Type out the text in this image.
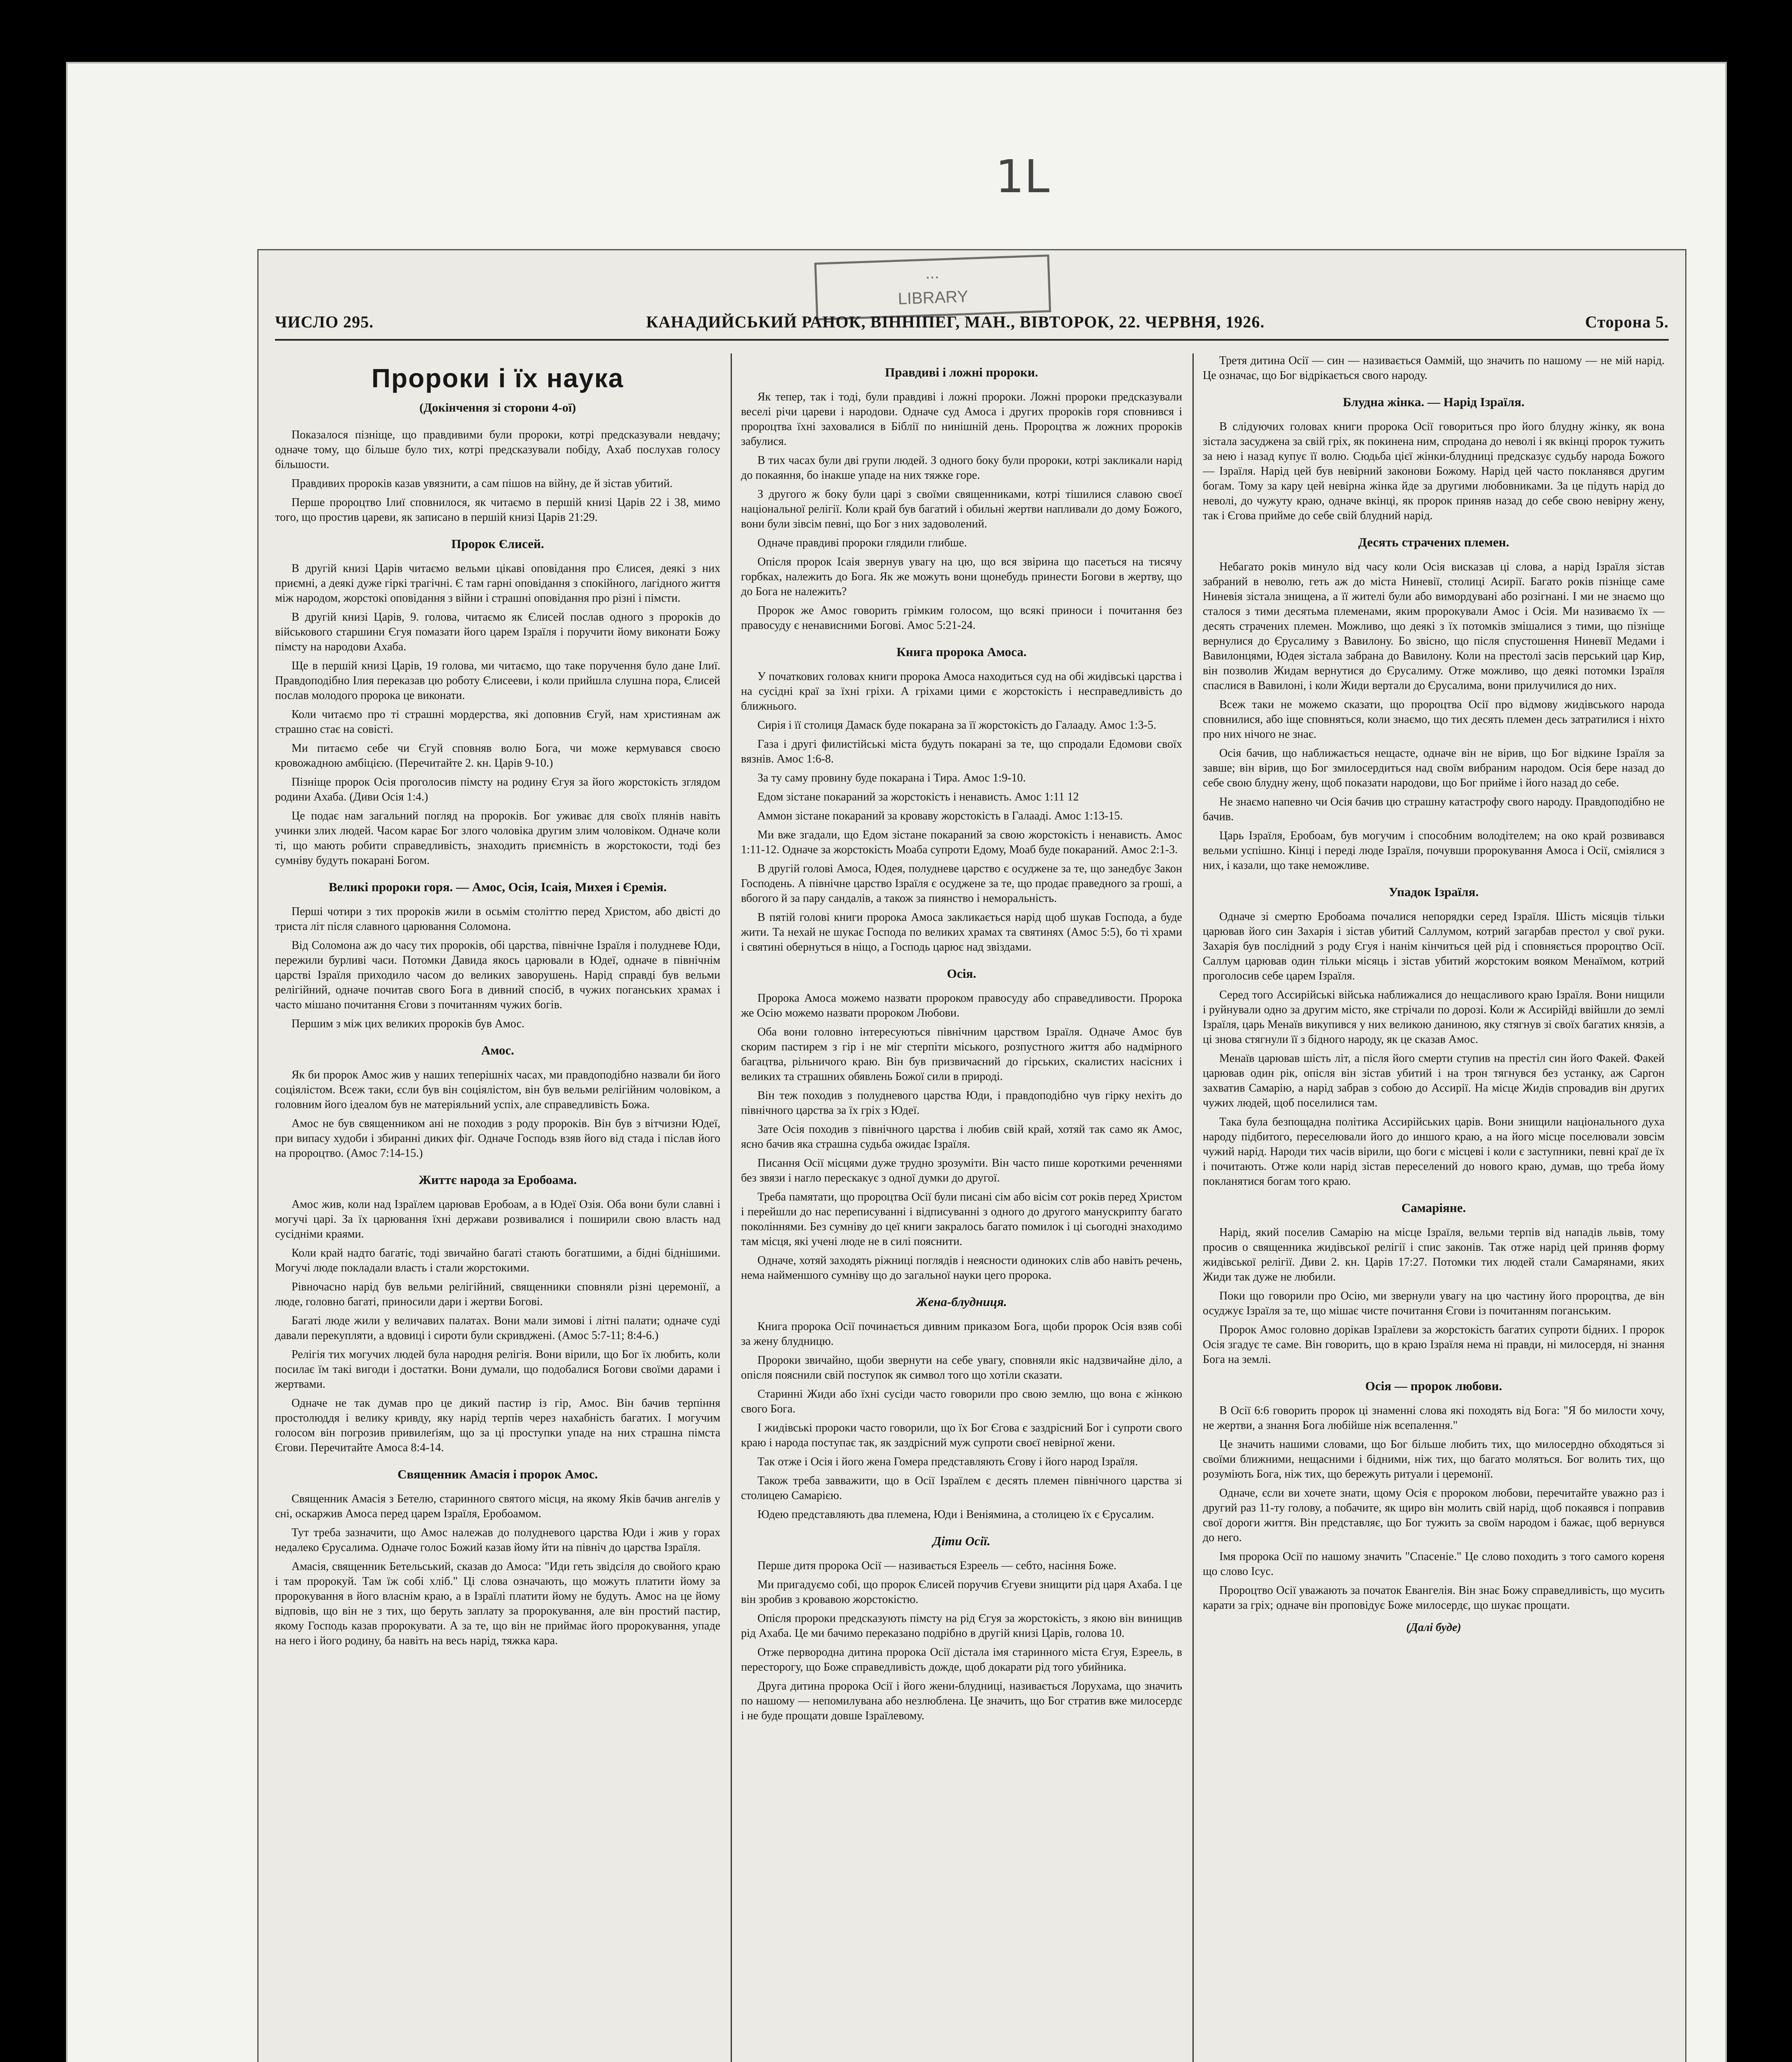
1L
...
LIBRARY
ЧИСЛО 295.	КАНАДИЙСЬКИЙ РАНОК, ВІННІПЕГ, МАН., ВІВТОРОК, 22. ЧЕРВНЯ, 1926.	Сторона 5.
Пророки і їх наука
(Докінчення зі сторони 4-ої)

Показалося пізніще, що правдивими були пророки, котрі предсказували невдачу; одначе тому, що більше було тих, котрі предсказували побіду, Ахаб послухав голосу більшости.

Правдивих пророків казав увязнити, а сам пішов на війну, де й зістав убитий.

Перше пророцтво Ілиї сповнилося, як читаємо в першій книзі Царів 22 і 38, мимо того, що простив цареви, як записано в першій книзі Царів 21:29.

Пророк Єлисей.

В другій книзі Царів читаємо вельми цікаві оповідання про Єлисея, деякі з них приємні, а деякі дуже гіркі трагічні. Є там гарні оповідання з спокійного, лагідного життя між народом, жорстокі оповідання з війни і страшні оповідання про різні і пімсти.

В другій книзі Царів, 9. голова, читаємо як Єлисей послав одного з пророків до військового старшини Єгуя помазати його царем Ізраїля і поручити йому виконати Божу пімсту на народови Ахаба.

Ще в першій книзі Царів, 19 голова, ми читаємо, що таке поручення було дане Ілиї. Правдоподібно Ілия переказав цю роботу Єлисееви, і коли прийшла слушна пора, Єлисей послав молодого пророка це виконати.

Коли читаємо про ті страшні мордерства, які доповнив Єгуй, нам християнам аж страшно стає на совісті.

Ми питаємо себе чи Єгуй сповняв волю Бога, чи може кермувався своєю кровожадною амбіцією. (Перечитайте 2. кн. Царів 9-10.)

Пізніще пророк Осія проголосив пімсту на родину Єгуя за його жорстокість зглядом родини Ахаба. (Диви Осія 1:4.)

Це подає нам загальний погляд на пророків. Бог уживає для своїх плянів навіть учинки злих людей. Часом карає Бог злого чоловіка другим злим чоловіком. Одначе коли ті, що мають робити справедливість, знаходить приємність в жорстокости, тоді без сумніву будуть покарані Богом.

Великі пророки горя. — Амос, Осія, Ісаія, Михея і Єремія.

Перші чотири з тих пророків жили в осьмім століттю перед Христом, або двісті до триста літ після славного царювання Соломона.

Від Соломона аж до часу тих пророків, обі царства, північне Ізраїля і полудневе Юди, пережили бурливі часи. Потомки Давида якось царювали в Юдеї, одначе в північнім царстві Ізраїля приходило часом до великих заворушень. Нарід справді був вельми релігійний, одначе почитав свого Бога в дивний спосіб, в чужих поганських храмах і часто мішано почитання Єгови з почитанням чужих богів.

Першим з між цих великих пророків був Амос.

Амос.

Як би пророк Амос жив у наших теперішніх часах, ми правдоподібно назвали би його соціялістом. Всеж таки, єсли був він соціялістом, він був вельми релігійним чоловіком, а головним його ідеалом був не матеріяльний успіх, але справедливість Божа.

Амос не був священником ані не походив з роду пророків. Він був з вітчизни Юдеї, при випасу худоби і збиранні диких фіґ. Одначе Господь взяв його від стада і післав його на пророцтво. (Амос 7:14-15.)

Життє народа за Еробоама.

Амос жив, коли над Ізраїлем царював Еробоам, а в Юдеї Озія. Оба вони були славні і могучі царі. За їх царювання їхні держави розвивалися і поширили свою власть над сусідніми краями.

Коли край надто багатіє, тоді звичайно багаті стають богатшими, а бідні біднішими. Могучі люде покладали власть і стали жорстокими.

Рівночасно нарід був вельми релігійний, священники сповняли різні церемонії, а люде, головно багаті, приносили дари і жертви Богові.

Багаті люде жили у величавих палатах. Вони мали зимові і літні палати; одначе суді давали перекупляти, а вдовиці і сироти були скривджені. (Амос 5:7-11; 8:4-6.)

Релігія тих могучих людей була народня релігія. Вони вірили, що Бог їх любить, коли посилає їм такі вигоди і достатки. Вони думали, що подобалися Богови своїми дарами і жертвами.

Одначе не так думав про це дикий пастир із гір, Амос. Він бачив терпіння простолюддя і велику кривду, яку нарід терпів через нахабність багатих. І могучим голосом він погрозив привилеґіям, що за ці проступки упаде на них страшна пімста Єгови. Перечитайте Амоса 8:4-14.

Священник Амасія і пророк Амос.

Священник Амасія з Бетелю, старинного святого місця, на якому Яків бачив ангелів у сні, оскаржив Амоса перед царем Ізраїля, Еробоамом.

Тут треба зазначити, що Амос належав до полудневого царства Юди і жив у горах недалеко Єрусалима. Одначе голос Божий казав йому йти на північ до царства Ізраїля.

Амасія, священник Бетельський, сказав до Амоса: "Иди геть звідсіля до свойого краю і там пророкуй. Там їж собі хліб." Ці слова означають, що можуть платити йому за пророкування в його власнім краю, а в Ізраїлі платити йому не будуть. Амос на це йому відповів, що він не з тих, що беруть заплату за пророкування, але він простий пастир, якому Господь казав пророкувати. А за те, що він не приймає його пророкування, упаде на него і його родину, ба навіть на весь нарід, тяжка кара.

Правдиві і ложні пророки.

Як тепер, так і тоді, були правдиві і ложні пророки. Ложні пророки предсказували веселі річи цареви і народови. Одначе суд Амоса і других пророків горя сповнився і пророцтва їхні заховалися в Біблії по нинішній день. Пророцтва ж ложних пророків забулися.

В тих часах були дві групи людей. З одного боку були пророки, котрі закликали нарід до покаяння, бо інакше упаде на них тяжке горе.

З другого ж боку були царі з своїми священниками, котрі тішилися славою своєї національної релігії. Коли край був багатий і обильні жертви напливали до дому Божого, вони були зівсім певні, що Бог з них задоволений.

Одначе правдиві пророки глядили глибше.

Опісля пророк Ісаія звернув увагу на цю, що вся звірина що пасеться на тисячу горбках, належить до Бога. Як же можуть вони щонебудь принести Богови в жертву, що до Бога не належить?

Пророк же Амос говорить грімким голосом, що всякі приноси і почитання без правосуду є ненависними Богові. Амос 5:21-24.

Книга пророка Амоса.

У початкових головах книги пророка Амоса находиться суд на обі жидівські царства і на сусідні краї за їхні гріхи. А гріхами цими є жорстокість і несправедливість до ближнього.

Сирія і її столиця Дамаск буде покарана за її жорстокість до Галааду. Амос 1:3-5.

Газа і другі филистійські міста будуть покарані за те, що спродали Едомови своїх вязнів. Амос 1:6-8.

За ту саму провину буде покарана і Тира. Амос 1:9-10.

Едом зістане покараний за жорстокість і ненависть. Амос 1:11 12

Аммон зістане покараний за кроваву жорстокість в Галааді. Амос 1:13-15.

Ми вже згадали, що Едом зістане покараний за свою жорстокість і ненависть. Амос 1:11-12. Одначе за жорстокість Моаба супроти Едому, Моаб буде покараний. Амос 2:1-3.

В другій голові Амоса, Юдея, полудневе царство є осуджене за те, що занедбує Закон Господень. А північне царство Ізраїля є осуджене за те, що продає праведного за гроші, а вбогого й за пару сандалів, а також за пиянство і неморальність.

В пятій голові книги пророка Амоса закликається нарід щоб шукав Господа, а буде жити. Та нехай не шукає Господа по великих храмах та святинях (Амос 5:5), бо ті храми і святині обернуться в ніщо, а Господь царює над звіздами.

Осія.

Пророка Амоса можемо назвати пророком правосуду або справедливости. Пророка же Осію можемо назвати пророком Любови.

Оба вони головно інтересуються північним царством Ізраїля. Одначе Амос був скорим пастирем з гір і не міг стерпіти міського, розпустного життя або надмірного багацтва, рільничого краю. Він був призвичаєний до гірських, скалистих насісних і великих та страшних обявлень Божої сили в природі.

Він теж походив з полудневого царства Юди, і правдоподібно чув гірку нехіть до північного царства за їх гріх з Юдеї.

Зате Осія походив з північного царства і любив свій край, хотяй так само як Амос, ясно бачив яка страшна судьба ожидає Ізраїля.

Писання Осії місцями дуже трудно зрозуміти. Він часто пише короткими реченнями без звязи і нагло перескакує з одної думки до другої.

Треба памятати, що пророцтва Осії були писані сім або вісім сот років перед Христом і перейшли до нас переписуванні і відписуванні з одного до другого манускрипту багато поколіннями. Без сумніву до цеї книги закралось багато помилок і ці сьогодні знаходимо там місця, які учені люде не в силі пояснити.

Одначе, хотяй заходять ріжниці поглядів і неясности одиноких слів або навіть речень, нема найменшого сумніву що до загальної науки цего пророка.

Жена-блудниця.

Книга пророка Осії починається дивним приказом Бога, щоби пророк Осія взяв собі за жену блудницю.

Пророки звичайно, щоби звернути на себе увагу, сповняли якіс надзвичайне діло, а опісля пояснили свій поступок як символ того що хотіли сказати.

Старинні Жиди або їхні сусіди часто говорили про свою землю, що вона є жінкою свого Бога.

І жидівські пророки часто говорили, що їх Бог Єгова є заздрісний Бог і супроти свого краю і народа поступає так, як заздрісний муж супроти своєї невірної жени.

Так отже і Осія і його жена Гомера представляють Єгову і його народ Ізраїля.

Також треба завважити, що в Осії Ізраїлем є десять племен північного царства зі столицею Самарією.

Юдею представляють два племена, Юди і Веніямина, а столицею їх є Єрусалим.

Діти Осії.

Перше дитя пророка Осії — називається Езреель — себто, насіння Боже.

Ми пригадуємо собі, що пророк Єлисей поручив Єгуеви знищити рід царя Ахаба. І це він зробив з кровавою жорстокістю.

Опісля пророки предсказують пімсту на рід Єгуя за жорстокість, з якою він винищив рід Ахаба. Це ми бачимо переказано подрібно в другій книзі Царів, голова 10.

Отже первородна дитина пророка Осії дістала імя старинного міста Єгуя, Езреель, в пересторогу, що Боже справедливість дожде, щоб докарати рід того убийника.

Друга дитина пророка Осії і його жени-блудниці, називається Лорухама, що значить по нашому — непомилувана або незлюблена. Це значить, що Бог стратив вже милосердє і не буде прощати довше Ізраїлевому.

Третя дитина Осії — син — називається Оаммій, що значить по нашому — не мій нарід. Це означає, що Бог відрікається свого народу.

Блудна жінка. — Нарід Ізраїля.

В слідуючих головах книги пророка Осії говориться про його блудну жінку, як вона зістала засуджена за свій гріх, як покинена ним, спродана до неволі і як вкінці пророк тужить за нею і назад купує її волю. Сюдьба цієї жінки-блудниці предсказує судьбу народа Божого — Ізраїля. Нарід цей був невірний законови Божому. Нарід цей часто покланявся другим богам. Тому за кару цей невірна жінка йде за другими любовниками. За це підуть нарід до неволі, до чужуту краю, одначе вкінці, як пророк приняв назад до себе свою невірну жену, так і Єгова прийме до себе свій блудний нарід.

Десять страчених племен.

Небагато років минуло від часу коли Осія висказав ці слова, а нарід Ізраїля зістав забраний в неволю, геть аж до міста Ниневії, столиці Асирії. Багато років пізніще саме Ниневія зістала знищена, а її жителі були або вимордувані або розігнані. І ми не знаємо що сталося з тими десятьма племенами, яким пророкували Амос і Осія. Ми називаємо їх — десять страчених племен. Можливо, що деякі з їх потомків змішалися з тими, що пізніще вернулися до Єрусалиму з Вавилону. Бо звісно, що після спустошення Ниневії Медами і Вавилонцями, Юдея зістала забрана до Вавилону. Коли на престолі засів перський цар Кир, він позволив Жидам вернутися до Єрусалиму. Отже можливо, що деякі потомки Ізраїля спаслися в Вавилоні, і коли Жиди вертали до Єрусалима, вони прилучилися до них.

Всеж таки не можемо сказати, що пророцтва Осії про відмову жидівського народа сповнилися, або іще сповняться, коли знаємо, що тих десять племен десь затратилися і ніхто про них нічого не знає.

Осія бачив, що наближається нещасте, одначе він не вірив, що Бог відкине Ізраїля за завше; він вірив, що Бог змилосердиться над своїм вибраним народом. Осія бере назад до себе свою блудну жену, щоб показати народови, що Бог прийме і його назад до себе.

Не знаємо напевно чи Осія бачив цю страшну катастрофу свого народу. Правдоподібно не бачив.

Царь Ізраїля, Еробоам, був могучим і способним володітелем; на око край розвивався вельми успішно. Кінці і переді люде Ізраїля, почувши пророкування Амоса і Осії, сміялися з них, і казали, що таке неможливе.

Упадок Ізраїля.

Одначе зі смертю Еробоама почалися непорядки серед Ізраїля. Шість місяців тільки царював його син Захарія і зістав убитий Саллумом, котрий загарбав престол у свої руки. Захарія був послідний з роду Єгуя і нанім кінчиться цей рід і сповняється пророцтво Осії. Саллум царював один тільки місяць і зістав убитий жорстоким вояком Менаїмом, котрий проголосив себе царем Ізраїля.

Серед того Ассирійські війська наближалися до нещасливого краю Ізраїля. Вони нищили і руйнували одно за другим місто, яке стрічали по дорозі. Коли ж Ассирійді ввійшли до землі Ізраїля, царь Менаїв викупився у них великою даниною, яку стягнув зі своїх багатих князів, а ці знова стягнули її з бідного народу, як це сказав Амос.

Менаїв царював шість літ, а після його смерти ступив на престіл син його Факей. Факей царював один рік, опісля він зістав убитий і на трон тягнувся без устанку, аж Саргон захватив Самарію, а нарід забрав з собою до Ассирії. На місце Жидів спровадив він других чужих людей, щоб поселилися там.

Така була безпощадна політика Ассирійських царів. Вони знищили національного духа народу підбитого, переселювали його до иншого краю, а на його місце поселювали зовсім чужий нарід. Народи тих часів вірили, що боги є місцеві і коли є заступники, певні краї де їх і почитають. Отже коли нарід зістав переселений до нового краю, думав, що треба йому покланятися богам того краю.

Самаріяне.

Нарід, який поселив Самарію на місце Ізраїля, вельми терпів від нападів львів, тому просив о священника жидівської релігії і спис законів. Так отже нарід цей приняв форму жидівської релігії. Диви 2. кн. Царів 17:27. Потомки тих людей стали Самарянами, яких Жиди так дуже не любили.

Поки що говорили про Осію, ми звернули увагу на цю частину його пророцтва, де він осуджує Ізраїля за те, що мішає чисте почитання Єгови із почитанням поганським.

Пророк Амос головно дорікав Ізраїлеви за жорстокість багатих супроти бідних. І пророк Осія згадує те саме. Він говорить, що в краю Ізраїля нема ні правди, ні милосердя, ні знання Бога на землі.

Осія — пророк любови.

В Осії 6:6 говорить пророк ці знаменні слова які походять від Бога: "Я бо милости хочу, не жертви, а знання Бога любійше ніж всепалення."

Це значить нашими словами, що Бог більше любить тих, що милосердно обходяться зі своїми ближними, нещасними і бідними, ніж тих, що багато моляться. Бог волить тих, що розуміють Бога, ніж тих, що бережуть ритуали і церемонії.

Одначе, єсли ви хочете знати, щому Осія є пророком любови, перечитайте уважно раз і другий раз 11-ту голову, а побачите, як щиро він молить свій нарід, щоб покаявся і поправив свої дороги життя. Він представляє, що Бог тужить за своїм народом і бажає, щоб вернувся до него.

Імя пророка Осії по нашому значить "Спасеніе." Це слово походить з того самого кореня що слово Ісус.

Пророцтво Осії уважають за початок Евангелія. Він знає Божу справедливість, що мусить карати за гріх; одначе він проповідує Боже милосердє, що шукає прощати.

(Далі буде)
